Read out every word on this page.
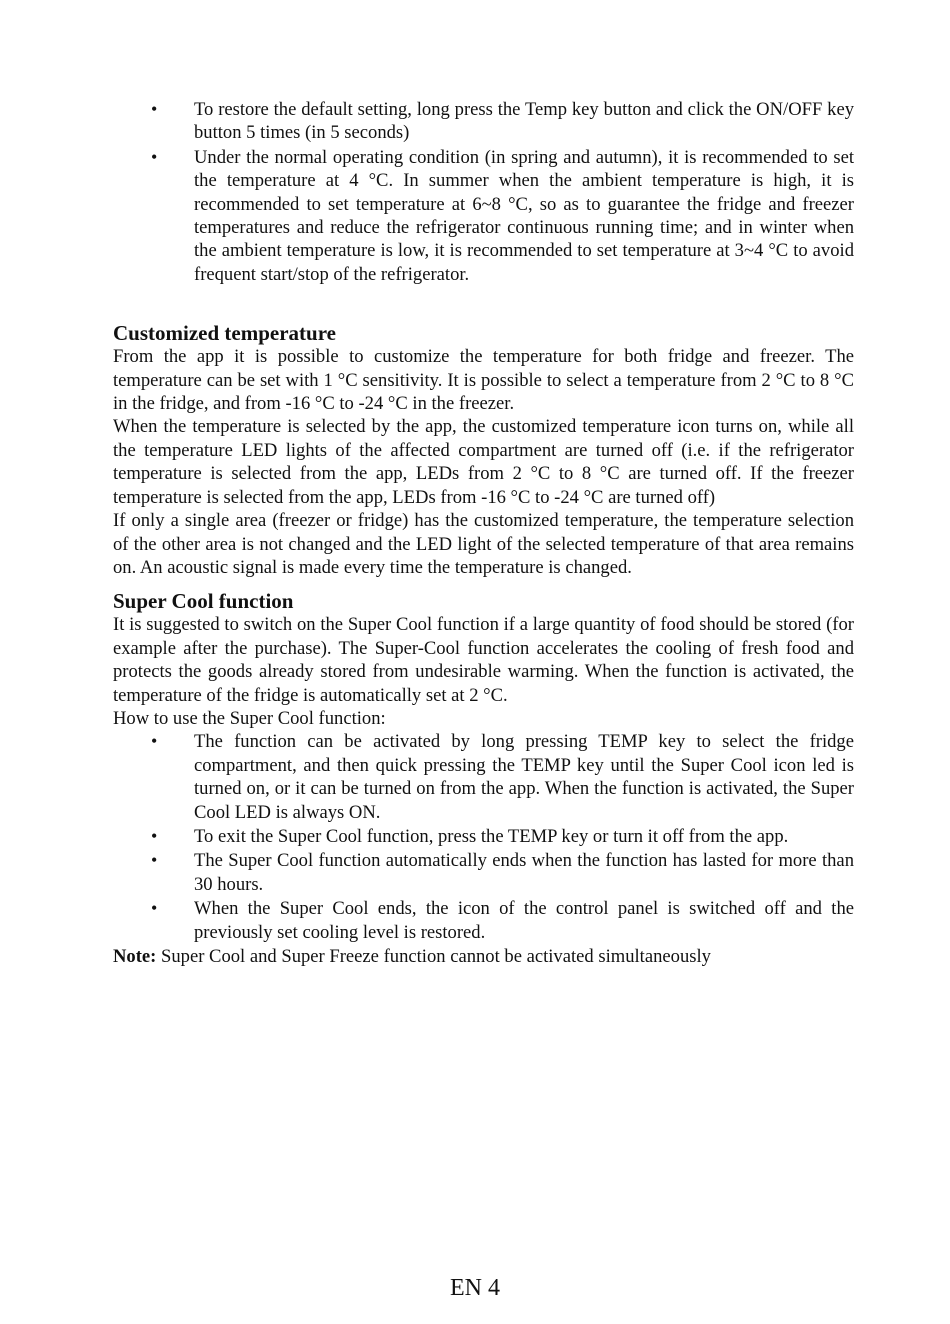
• To restore the default setting, long press the Temp key button and click the ON/OFF key button 5 times (in 5 seconds)
• Under the normal operating condition (in spring and autumn), it is recommended to set the temperature at 4 °C. In summer when the ambient temperature is high, it is recommended to set temperature at 6~8 °C, so as to guarantee the fridge and freezer temperatures and reduce the refrigerator continuous running time; and in winter when the ambient temperature is low, it is recommended to set temperature at 3~4 °C to avoid frequent start/stop of the refrigerator.
Customized temperature

From the app it is possible to customize the temperature for both fridge and freezer. The temperature can be set with 1 °C sensitivity. It is possible to select a temperature from 2 °C to 8 °C in the fridge, and from -16 °C to -24 °C in the freezer.

When the temperature is selected by the app, the customized temperature icon turns on, while all the temperature LED lights of the affected compartment are turned off (i.e. if the refrigerator temperature is selected from the app, LEDs from 2 °C to 8 °C are turned off. If the freezer temperature is selected from the app, LEDs from -16 °C to -24 °C are turned off)

If only a single area (freezer or fridge) has the customized temperature, the temperature selection of the other area is not changed and the LED light of the selected temperature of that area remains on. An acoustic signal is made every time the temperature is changed.

Super Cool function

It is suggested to switch on the Super Cool function if a large quantity of food should be stored (for example after the purchase). The Super-Cool function accelerates the cooling of fresh food and protects the goods already stored from undesirable warming. When the function is activated, the temperature of the fridge is automatically set at 2 °C.

How to use the Super Cool function:

• The function can be activated by long pressing TEMP key to select the fridge compartment, and then quick pressing the TEMP key until the Super Cool icon led is turned on, or it can be turned on from the app. When the function is activated, the Super Cool LED is always ON.
• To exit the Super Cool function, press the TEMP key or turn it off from the app.
• The Super Cool function automatically ends when the function has lasted for more than 30 hours.
• When the Super Cool ends, the icon of the control panel is switched off and the previously set cooling level is restored.

Note: Super Cool and Super Freeze function cannot be activated simultaneously

EN 4
